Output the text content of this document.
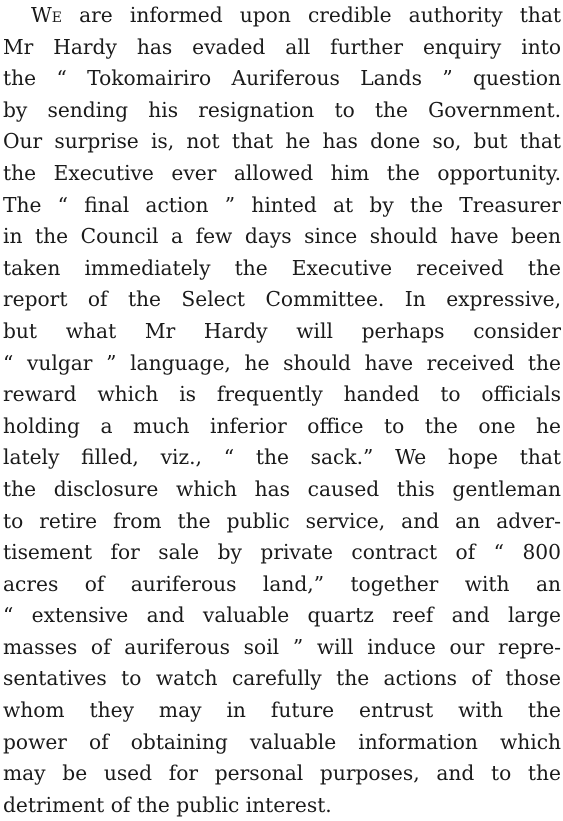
We are informed upon credible authority that
Mr Hardy has evaded all further enquiry into
the “ Tokomairiro Auriferous Lands ” question
by sending his resignation to the Government.
Our surprise is, not that he has done so, but that
the Executive ever allowed him the opportunity.
The “ final action ” hinted at by the Treasurer
in the Council a few days since should have been
taken immediately the Executive received the
report of the Select Committee. In expressive,
but what Mr Hardy will perhaps consider
“ vulgar ” language, he should have received the
reward which is frequently handed to officials
holding a much inferior office to the one he
lately filled, viz., “ the sack.” We hope that
the disclosure which has caused this gentleman
to retire from the public service, and an adver-
tisement for sale by private contract of “ 800
acres of auriferous land,” together with an
“ extensive and valuable quartz reef and large
masses of auriferous soil ” will induce our repre-
sentatives to watch carefully the actions of those
whom they may in future entrust with the
power of obtaining valuable information which
may be used for personal purposes, and to the
detriment of the public interest.
